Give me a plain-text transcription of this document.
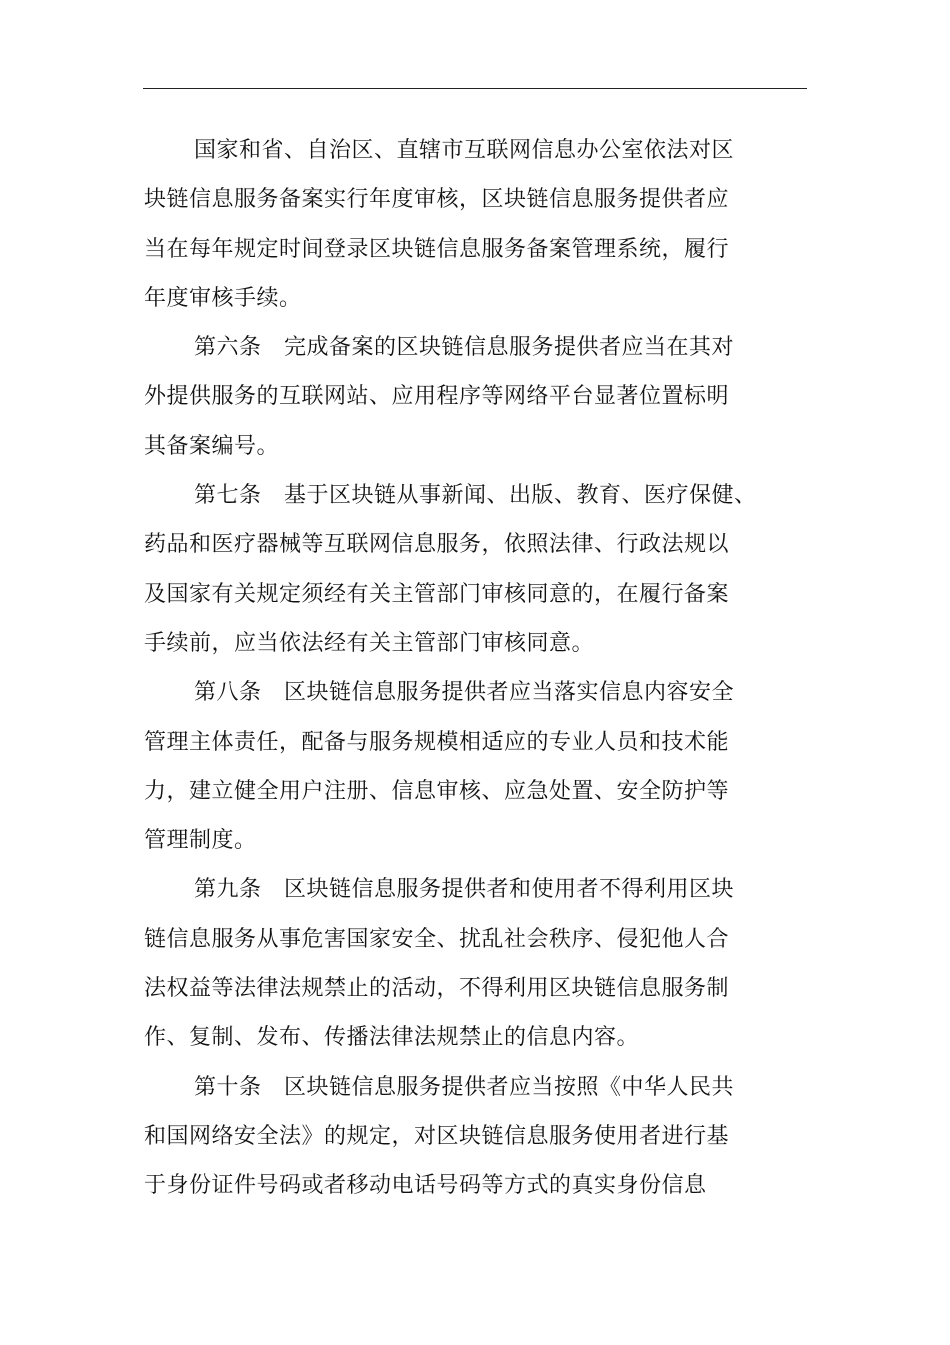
国家和省、自治区、直辖市互联网信息办公室依法对区
块链信息服务备案实行年度审核，区块链信息服务提供者应
当在每年规定时间登录区块链信息服务备案管理系统，履行
年度审核手续。
第六条　完成备案的区块链信息服务提供者应当在其对
外提供服务的互联网站、应用程序等网络平台显著位置标明
其备案编号。
第七条　基于区块链从事新闻、出版、教育、医疗保健、
药品和医疗器械等互联网信息服务，依照法律、行政法规以
及国家有关规定须经有关主管部门审核同意的，在履行备案
手续前，应当依法经有关主管部门审核同意。
第八条　区块链信息服务提供者应当落实信息内容安全
管理主体责任，配备与服务规模相适应的专业人员和技术能
力，建立健全用户注册、信息审核、应急处置、安全防护等
管理制度。
第九条　区块链信息服务提供者和使用者不得利用区块
链信息服务从事危害国家安全、扰乱社会秩序、侵犯他人合
法权益等法律法规禁止的活动，不得利用区块链信息服务制
作、复制、发布、传播法律法规禁止的信息内容。
第十条　区块链信息服务提供者应当按照《中华人民共
和国网络安全法》的规定，对区块链信息服务使用者进行基
于身份证件号码或者移动电话号码等方式的真实身份信息
